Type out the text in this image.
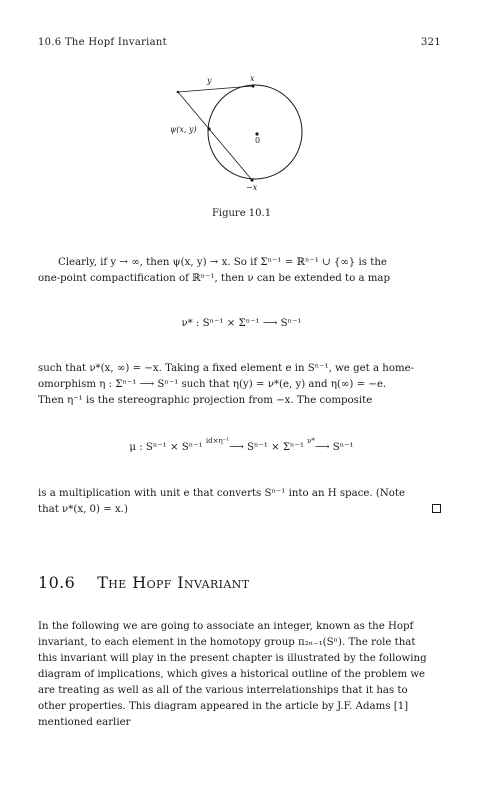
10.6 The Hopf Invariant	321
y	x
ψ(x, y)
0
−x
Figure 10.1
Clearly, if y → ∞, then ψ(x, y) → x. So if Σⁿ⁻¹ = ℝⁿ⁻¹ ∪ {∞} is the
one-point compactification of ℝⁿ⁻¹, then ν can be extended to a map
ν* : Sⁿ⁻¹ × Σⁿ⁻¹ ⟶ Sⁿ⁻¹
such that ν*(x, ∞) = −x. Taking a fixed element e in Sⁿ⁻¹, we get a home-
omorphism η : Σⁿ⁻¹ ⟶ Sⁿ⁻¹ such that η(y) = ν*(e, y) and η(∞) = −e.
Then η⁻¹ is the stereographic projection from −x. The composite
μ : Sⁿ⁻¹ × Sⁿ⁻¹ $^{id\times\eta^{-1}}$⟶ Sⁿ⁻¹ × Σⁿ⁻¹ $^{\nu*}$⟶ Sⁿ⁻¹
is a multiplication with unit e that converts Sⁿ⁻¹ into an H space. (Note
that ν*(x, 0) = x.)
10.6 The Hopf Invariant
In the following we are going to associate an integer, known as the Hopf
invariant, to each element in the homotopy group π₂ₙ₋₁(Sⁿ). The role that
this invariant will play in the present chapter is illustrated by the following
diagram of implications, which gives a historical outline of the problem we
are treating as well as all of the various interrelationships that it has to
other properties. This diagram appeared in the article by J.F. Adams [1]
mentioned earlier
